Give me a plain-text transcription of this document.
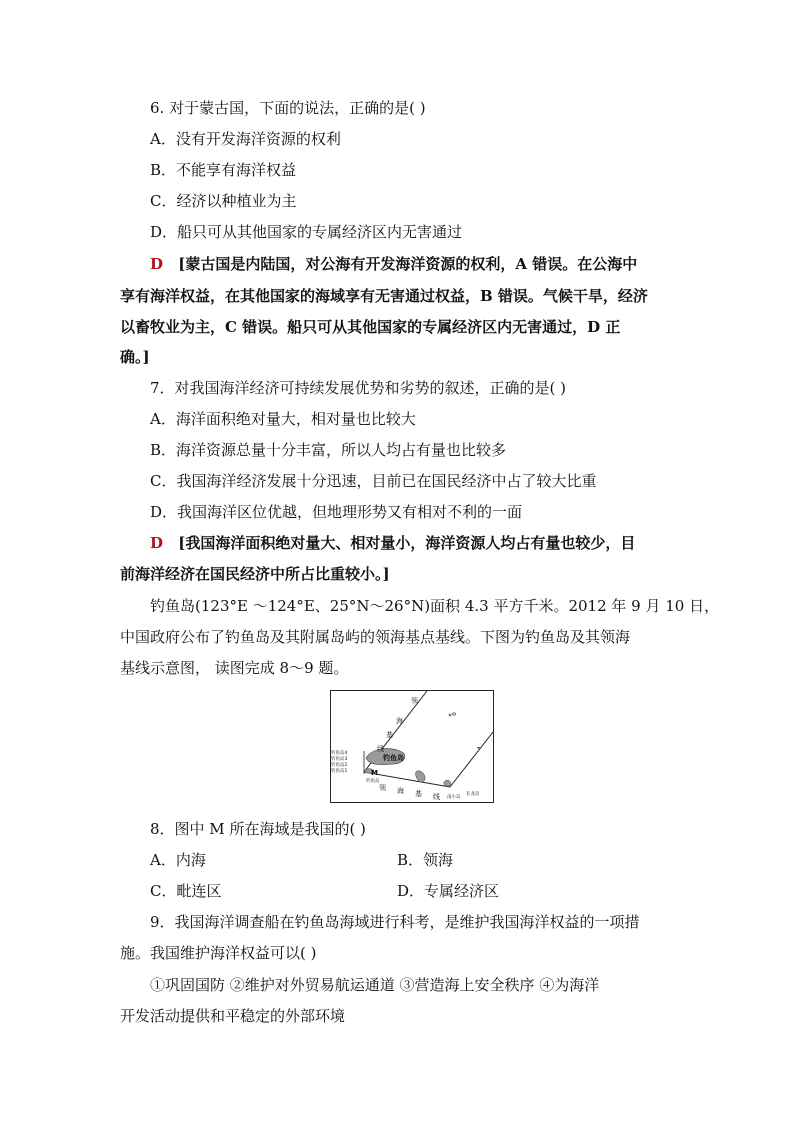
6. 对于蒙古国，下面的说法，正确的是( )
A．没有开发海洋资源的权利
B．不能享有海洋权益
C．经济以种植业为主
D．船只可从其他国家的专属经济区内无害通过
D [蒙古国是内陆国，对公海有开发海洋资源的权利，A 错误。在公海中
享有海洋权益，在其他国家的海域享有无害通过权益，B 错误。气候干旱，经济
以畜牧业为主，C 错误。船只可从其他国家的专属经济区内无害通过，D 正
确。]
7．对我国海洋经济可持续发展优势和劣势的叙述，正确的是( )
A．海洋面积绝对量大，相对量也比较大
B．海洋资源总量十分丰富，所以人均占有量也比较多
C．我国海洋经济发展十分迅速，目前已在国民经济中占了较大比重
D．我国海洋区位优越，但地理形势又有相对不利的一面
D [我国海洋面积绝对量大、相对量小，海洋资源人均占有量也较少，目
前海洋经济在国民经济中所占比重较小。]
钓鱼岛(123°E ～124°E、25°N～26°N)面积 4.3 平方千米。2012 年 9 月 10 日，
中国政府公布了钓鱼岛及其附属岛屿的领海基点基线。下图为钓鱼岛及其领海
基线示意图， 读图完成 8～9 题。
领
海
基
线
钓鱼岛4
钓鱼岛3
钓鱼岛2
钓鱼岛1
钓鱼岛
M
钓鱼岛
领 海 基 线 南小岛
长龙岛
8．图中 M 所在海域是我国的( )
A．内海	B．领海
C．毗连区	D．专属经济区
9．我国海洋调查船在钓鱼岛海域进行科考，是维护我国海洋权益的一项措
施。我国维护海洋权益可以( )
①巩固国防 ②维护对外贸易航运通道 ③营造海上安全秩序 ④为海洋
开发活动提供和平稳定的外部环境
